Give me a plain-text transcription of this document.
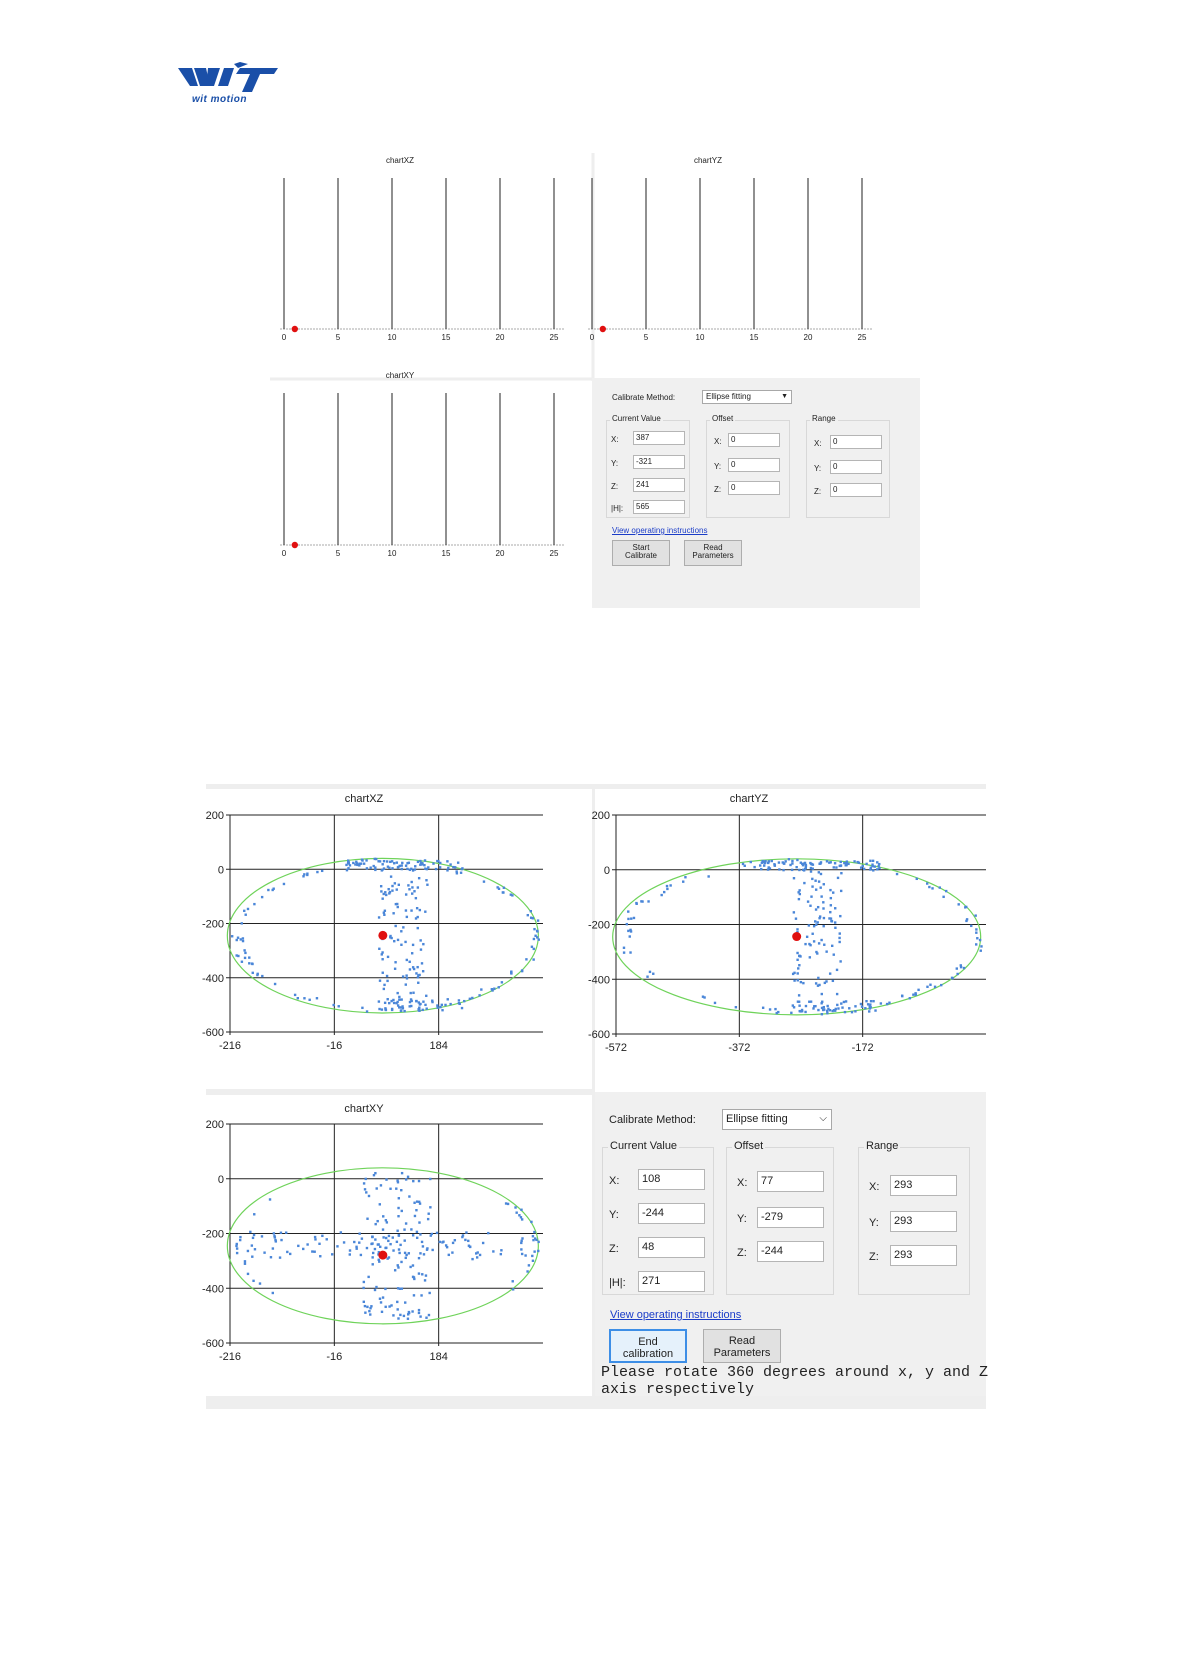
wit motion
chartXZ
0	5	10	15	20	25
chartYZ
0	5	10	15	20	25
chartXY
0	5	10	15	20	25
Calibrate Method:	Ellipse fitting	▼
Current Value
X: 387
Y: -321
Z: 241
|H|: 565
Offset
X: 0
Y: 0
Z: 0
Range
X: 0
Y: 0
Z: 0
View operating instructions
Start Calibrate
Read Parameters
chartXZ
200
0
-200
-400
-600
-216	-16	184
chartYZ
200
0
-200
-400
-600
-572	-372	-172
chartXY
200
0
-200
-400
-600
-216	-16	184
Calibrate Method:	Ellipse fitting	⌵
Current Value
X: 108
Y: -244
Z: 48
|H|: 271
Offset
X: 77
Y: -279
Z: -244
Range
X: 293
Y: 293
Z: 293
View operating instructions
End calibration
Read Parameters
Please rotate 360 degrees around x, y and Z
axis respectively
